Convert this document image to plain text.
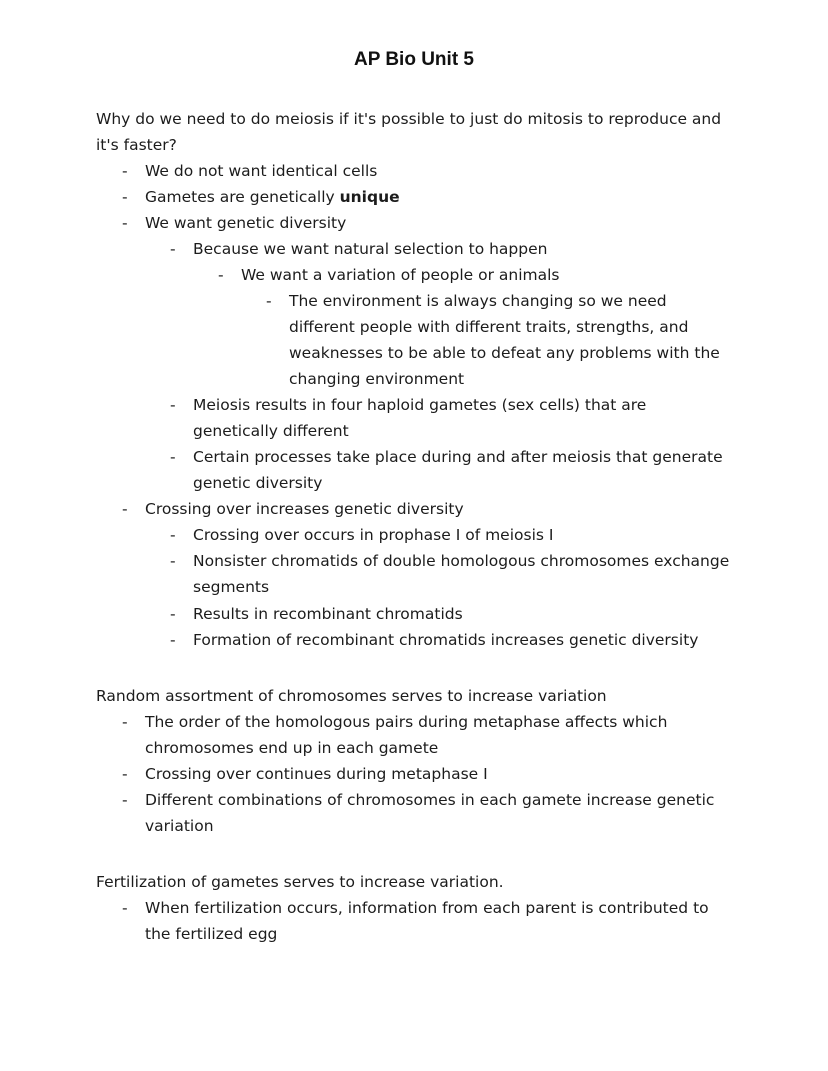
AP Bio Unit 5

Why do we need to do meiosis if it's possible to just do mitosis to reproduce and it's faster?

-	We do not want identical cells
-	Gametes are genetically unique
-	We want genetic diversity
-	Because we want natural selection to happen
-	We want a variation of people or animals
-	The environment is always changing so we need different people with different traits, strengths, and weaknesses to be able to defeat any problems with the changing environment
-	Meiosis results in four haploid gametes (sex cells) that are genetically different
-	Certain processes take place during and after meiosis that generate genetic diversity
-	Crossing over increases genetic diversity
-	Crossing over occurs in prophase I of meiosis I
-	Nonsister chromatids of double homologous chromosomes exchange segments
-	Results in recombinant chromatids
-	Formation of recombinant chromatids increases genetic diversity

Random assortment of chromosomes serves to increase variation

-	The order of the homologous pairs during metaphase affects which chromosomes end up in each gamete
-	Crossing over continues during metaphase I
-	Different combinations of chromosomes in each gamete increase genetic variation

Fertilization of gametes serves to increase variation.

-	When fertilization occurs, information from each parent is contributed to the fertilized egg
